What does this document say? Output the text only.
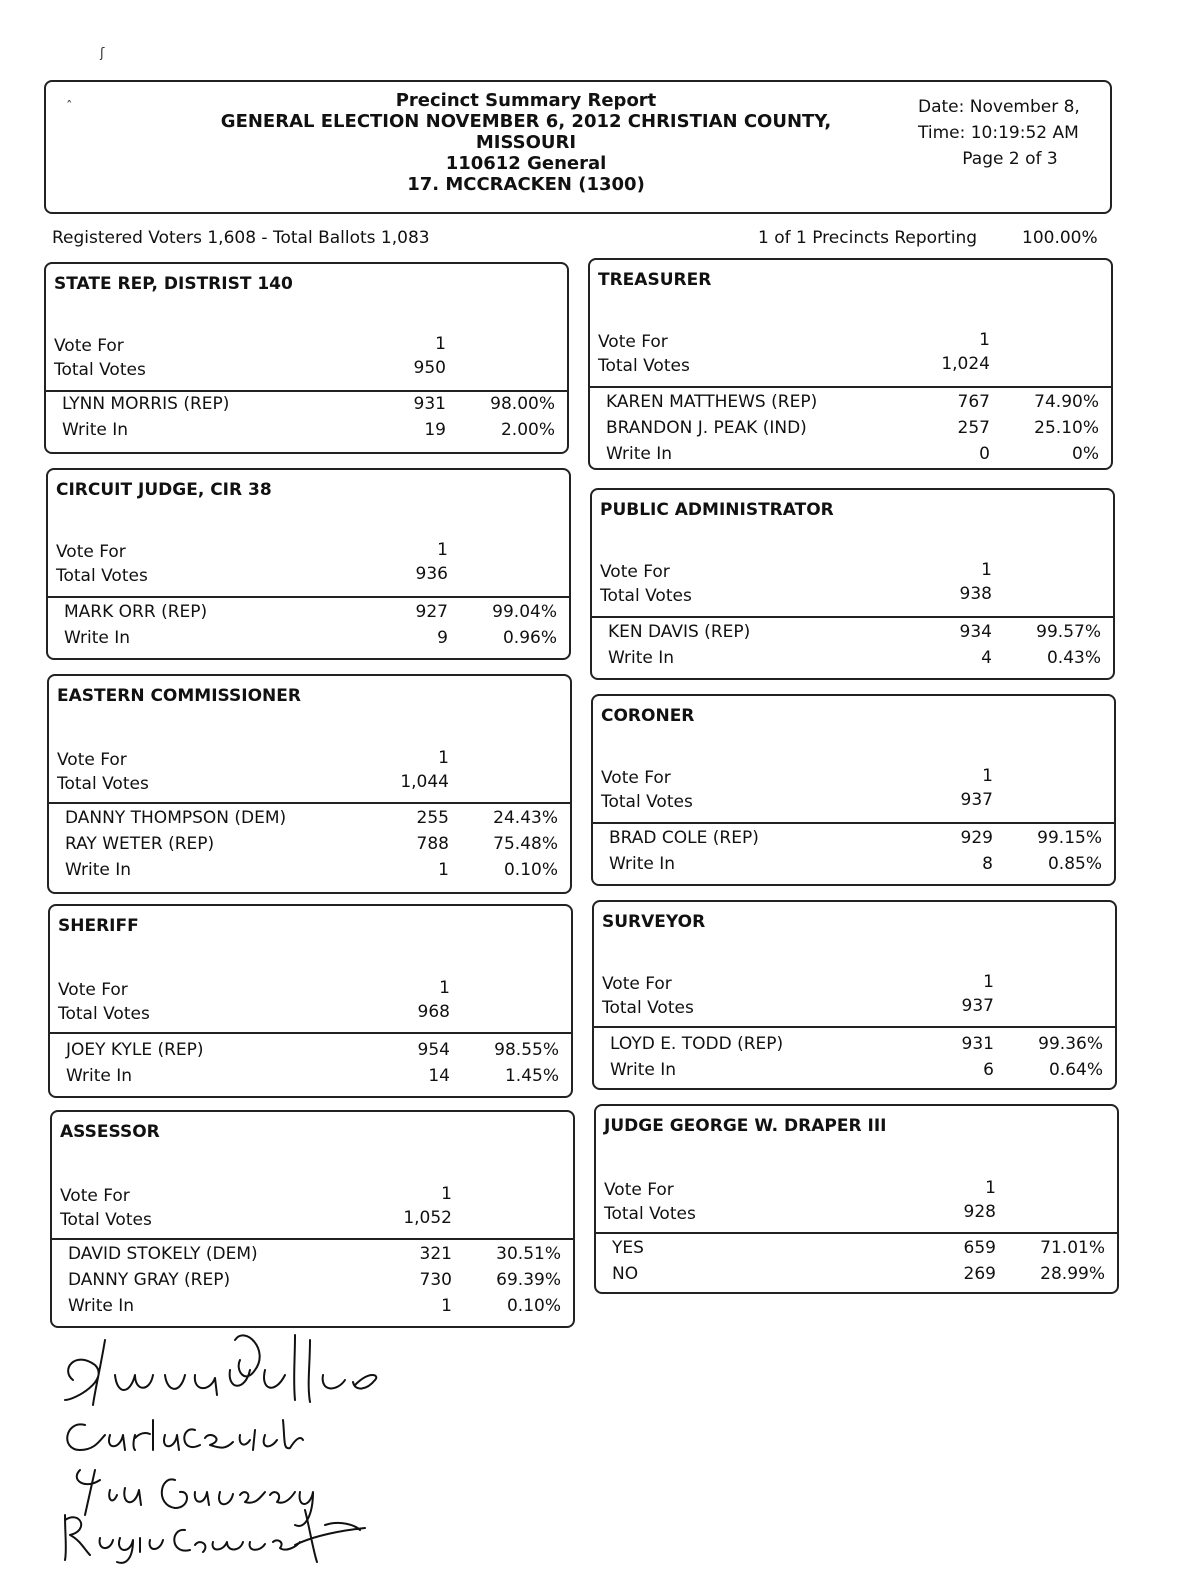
ʃ
ˆ	Precinct Summary Report
GENERAL ELECTION NOVEMBER 6, 2012 CHRISTIAN COUNTY,
MISSOURI
110612 General
17. MCCRACKEN (1300)
Date: November 8,
Time: 10:19:52 AM
Page 2 of 3
Registered Voters 1,608 - Total Ballots 1,083	1 of 1 Precincts Reporting	100.00%
STATE REP, DISTRIST 140
Vote For	1
Total Votes	950
LYNN MORRIS (REP)	931	98.00%
Write In	19	2.00%
CIRCUIT JUDGE, CIR 38
Vote For	1
Total Votes	936
MARK ORR (REP)	927	99.04%
Write In	9	0.96%
EASTERN COMMISSIONER
Vote For	1
Total Votes	1,044
DANNY THOMPSON (DEM)	255	24.43%
RAY WETER (REP)	788	75.48%
Write In	1	0.10%
SHERIFF
Vote For	1
Total Votes	968
JOEY KYLE (REP)	954	98.55%
Write In	14	1.45%
ASSESSOR
Vote For	1
Total Votes	1,052
DAVID STOKELY (DEM)	321	30.51%
DANNY GRAY (REP)	730	69.39%
Write In	1	0.10%
TREASURER
Vote For	1
Total Votes	1,024
KAREN MATTHEWS (REP)	767	74.90%
BRANDON J. PEAK (IND)	257	25.10%
Write In	0	0%
PUBLIC ADMINISTRATOR
Vote For	1
Total Votes	938
KEN DAVIS (REP)	934	99.57%
Write In	4	0.43%
CORONER
Vote For	1
Total Votes	937
BRAD COLE (REP)	929	99.15%
Write In	8	0.85%
SURVEYOR
Vote For	1
Total Votes	937
LOYD E. TODD (REP)	931	99.36%
Write In	6	0.64%
JUDGE GEORGE W. DRAPER III
Vote For	1
Total Votes	928
YES	659	71.01%
NO	269	28.99%
